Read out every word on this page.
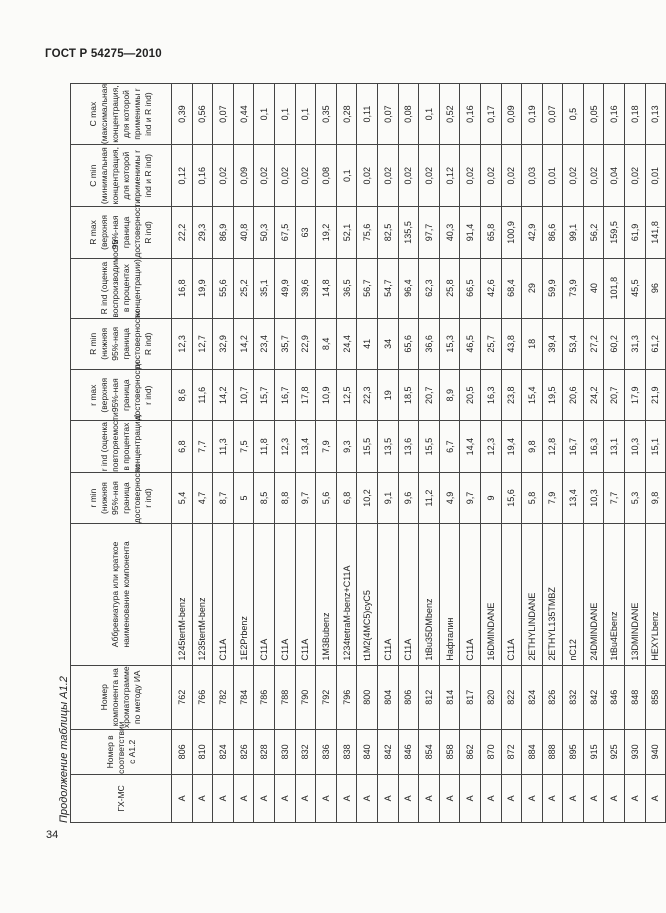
ГОСТ Р 54275—2010
34
Продолжение таблицы А1.2	ГХ-МС	Номер в соответствии с А1.2	Номер компонента на хроматограмме по методу ИА	Аббревиатура или краткое наименование компонента	r min (нижняя 95%-ная граница достоверности r ind)	r ind (оценка повторяемости в процентах концентрации)	r max (верхняя 95%-ная граница достоверности r ind)	R min (нижняя 95%-ная граница достоверности R ind)	R ind (оценка воспроизводимости в процентах концентрации)	R max (верхняя 95%-ная граница достоверности R ind)	C min (минимальная концентрация, для которой применимы r ind и R ind)	C max (максимальная концентрация, для которой применимы r ind и R ind)
А	806	762	1245tertM-benz	5,4	6,8	8,6	12,3	16,8	22,2	0,12	0,39
А	810	766	1235tertM-benz	4,7	7,7	11,6	12,7	19,9	29,3	0,16	0,56
А	824	782	C11A	8,7	11,3	14,2	32,9	55,6	86,9	0,02	0,07
А	826	784	1E2Prbenz	5	7,5	10,7	14,2	25,2	40,8	0,09	0,44
А	828	786	C11A	8,5	11,8	15,7	23,4	35,1	50,3	0,02	0,1
А	830	788	C11A	8,8	12,3	16,7	35,7	49,9	67,5	0,02	0,1
А	832	790	C11A	9,7	13,4	17,8	22,9	39,6	63	0,02	0,1
А	836	792	1M3Bubenz	5,6	7,9	10,9	8,4	14,8	19,2	0,08	0,35
А	838	796	1234tetraM-benz+C11A	6,8	9,3	12,5	24,4	36,5	52,1	0,1	0,28
А	840	800	t1M2(4MC5)cyC5	10,2	15,5	22,3	41	56,7	75,6	0,02	0,11
А	842	804	C11A	9,1	13,5	19	34	54,7	82,5	0,02	0,07
А	846	806	C11A	9,6	13,6	18,5	65,6	96,4	135,5	0,02	0,08
А	854	812	1tBu35DMbenz	11,2	15,5	20,7	36,6	62,3	97,7	0,02	0,1
А	858	814	Нафталин	4,9	6,7	8,9	15,3	25,8	40,3	0,12	0,52
А	862	817	C11A	9,7	14,4	20,5	46,5	66,5	91,4	0,02	0,16
А	870	820	16DMINDANE	9	12,3	16,3	25,7	42,6	65,8	0,02	0,17
А	872	822	C11A	15,6	19,4	23,8	43,8	68,4	100,9	0,02	0,09
А	884	824	2ETHYLINDANE	5,8	9,8	15,4	18	29	42,9	0,03	0,19
А	888	826	2ETHYL135TMBZ	7,9	12,8	19,5	39,4	59,9	86,6	0,01	0,07
А	895	832	nC12	13,4	16,7	20,6	53,4	73,9	99,1	0,02	0,5
А	915	842	24DMINDANE	10,3	16,3	24,2	27,2	40	56,2	0,02	0,05
А	925	846	1tBu4Ebenz	7,7	13,1	20,7	60,2	101,8	159,5	0,04	0,16
А	930	848	13DMINDANE	5,3	10,3	17,9	31,3	45,5	61,9	0,02	0,18
А	940	858	HEXYLbenz	9,8	15,1	21,9	61,2	96	141,8	0,01	0,13
